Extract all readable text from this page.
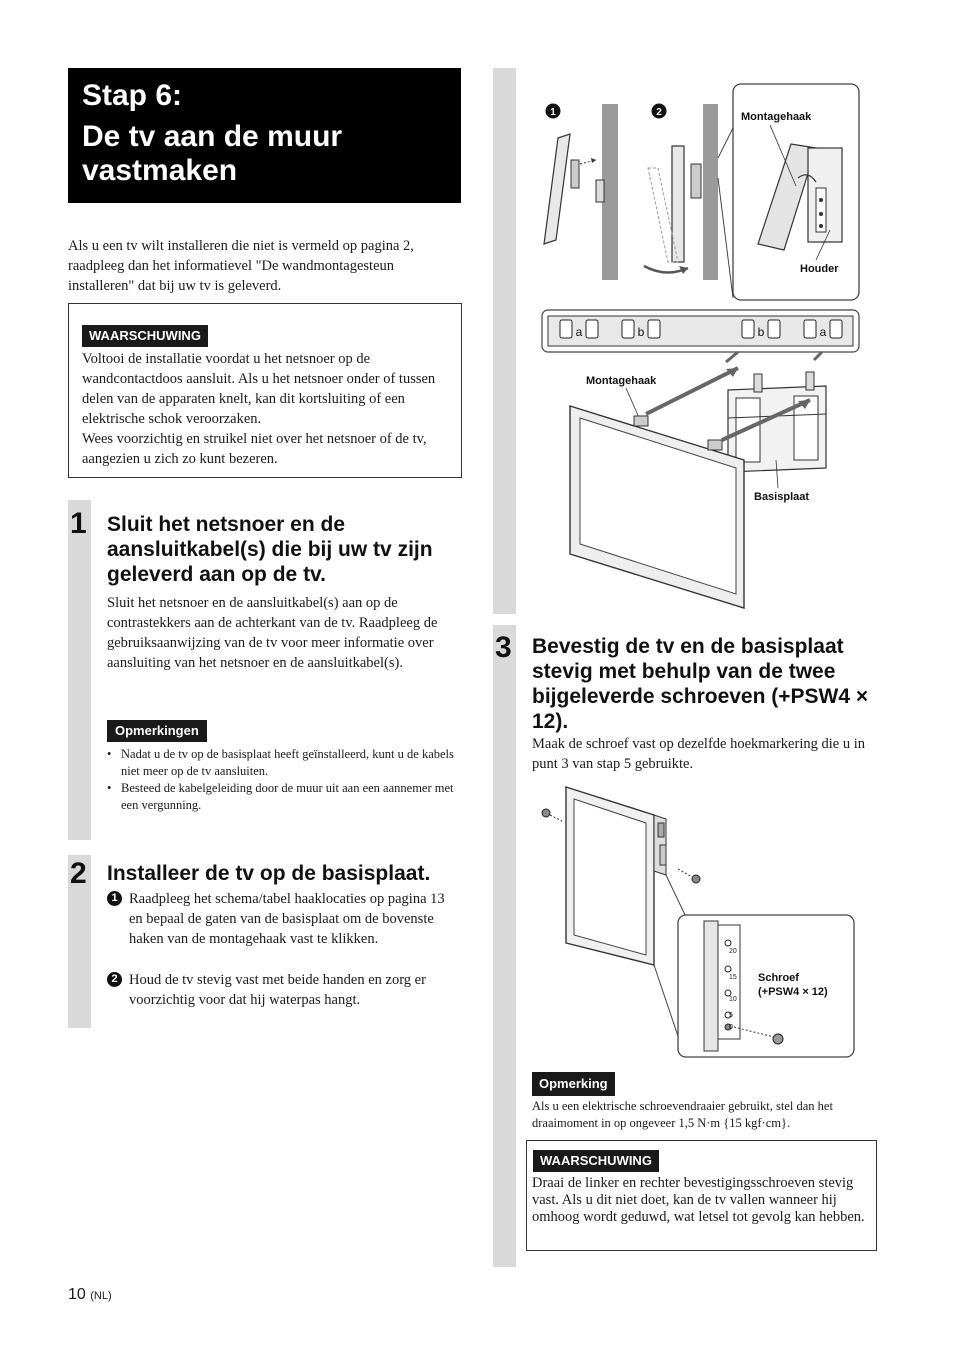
Stap 6:
De tv aan de muur vastmaken
Als u een tv wilt installeren die niet is vermeld op pagina 2, raadpleeg dan het informatievel "De wandmontagesteun installeren" dat bij uw tv is geleverd.
WAARSCHUWING
Voltooi de installatie voordat u het netsnoer op de wandcontactdoos aansluit. Als u het netsnoer onder of tussen delen van de apparaten knelt, kan dit kortsluiting of een elektrische schok veroorzaken.
Wees voorzichtig en struikel niet over het netsnoer of de tv, aangezien u zich zo kunt bezeren.
1 Sluit het netsnoer en de aansluitkabel(s) die bij uw tv zijn geleverd aan op de tv.
Sluit het netsnoer en de aansluitkabel(s) aan op de contrastekkers aan de achterkant van de tv. Raadpleeg de gebruiksaanwijzing van de tv voor meer informatie over aansluiting van het netsnoer en de aansluitkabel(s).
Opmerkingen
• Nadat u de tv op de basisplaat heeft geïnstalleerd, kunt u de kabels niet meer op de tv aansluiten.
• Besteed de kabelgeleiding door de muur uit aan een aannemer met een vergunning.
2 Installeer de tv op de basisplaat.
1 Raadpleeg het schema/tabel haaklocaties op pagina 13 en bepaal de gaten van de basisplaat om de bovenste haken van de montagehaak vast te klikken.
2 Houd de tv stevig vast met beide handen en zorg er voorzichtig voor dat hij waterpas hangt.
1	2	Montagehaak
Houder
a	b	b	a
Montagehaak
Basisplaat
3 Bevestig de tv en de basisplaat stevig met behulp van de twee bijgeleverde schroeven (+PSW4 × 12).
Maak de schroef vast op dezelfde hoekmarkering die u in punt 3 van stap 5 gebruikte.
20
15
10
5
0
Schroef
(+PSW4 × 12)
Opmerking
Als u een elektrische schroevendraaier gebruikt, stel dan het draaimoment in op ongeveer 1,5 N·m {15 kgf·cm}.
WAARSCHUWING
Draai de linker en rechter bevestigingsschroeven stevig vast. Als u dit niet doet, kan de tv vallen wanneer hij omhoog wordt geduwd, wat letsel tot gevolg kan hebben.
10 (NL)
